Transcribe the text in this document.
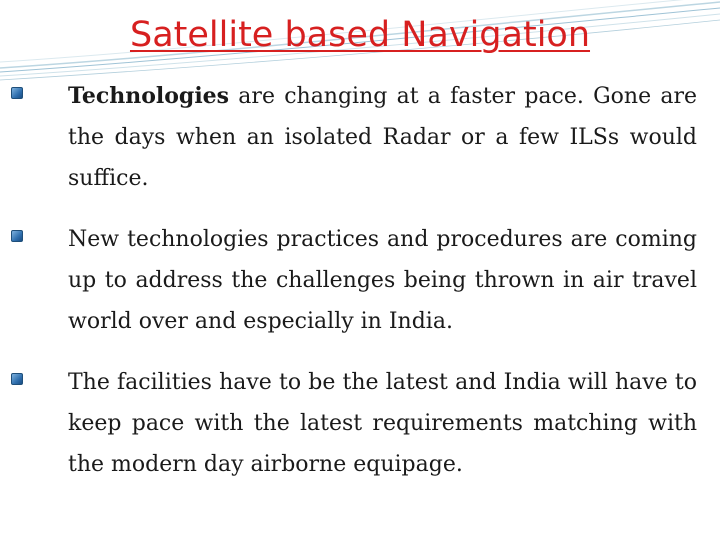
Satellite based Navigation
Technologies are changing at a faster pace. Gone are the days when an isolated Radar or a few ILSs would suffice.
New technologies practices and procedures are coming up to address the challenges being thrown in air travel world over and especially in India.
The facilities have to be the latest and India will have to keep pace with the latest requirements matching with the modern day airborne equipage.
